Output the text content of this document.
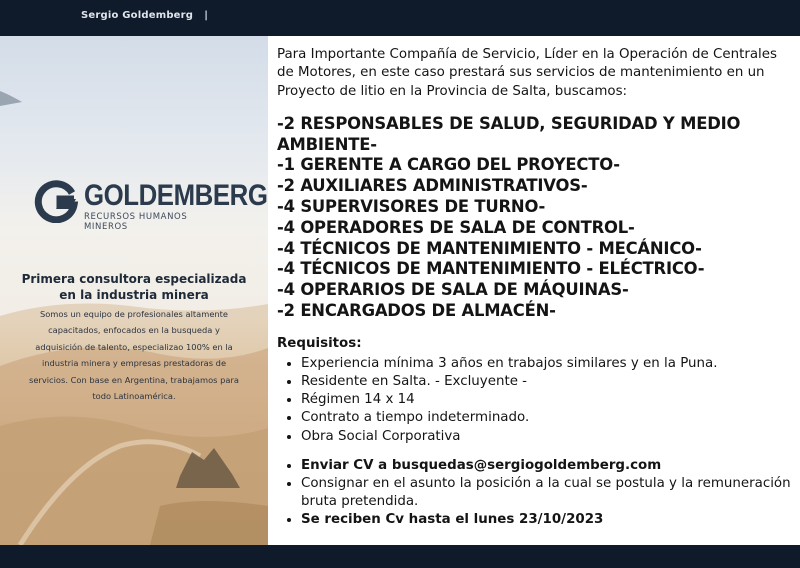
Sergio Goldemberg |
GOLDEMBERG
RECURSOS HUMANOS MINEROS
Primera consultora especializada en la industria minera
Somos un equipo de profesionales altamente capacitados, enfocados en la busqueda y adquisición de talento, especializao 100% en la industria minera y empresas prestadoras de servicios. Con base en Argentina, trabajamos para todo Latinoamérica.

Para Importante Compañía de Servicio, Líder en la Operación de Centrales de Motores, en este caso prestará sus servicios de mantenimiento en un Proyecto de litio en la Provincia de Salta, buscamos:

-2 RESPONSABLES DE SALUD, SEGURIDAD Y MEDIO AMBIENTE-
-1 GERENTE A CARGO DEL PROYECTO-
-2 AUXILIARES ADMINISTRATIVOS-
-4 SUPERVISORES DE TURNO-
-4 OPERADORES DE SALA DE CONTROL-
-4 TÉCNICOS DE MANTENIMIENTO - MECÁNICO-
-4 TÉCNICOS DE MANTENIMIENTO - ELÉCTRICO-
-4 OPERARIOS DE SALA DE MÁQUINAS-
-2 ENCARGADOS DE ALMACÉN-
Requisitos:
• Experiencia mínima 3 años en trabajos similares y en la Puna.
• Residente en Salta. - Excluyente -
• Régimen 14 x 14
• Contrato a tiempo indeterminado.
• Obra Social Corporativa
• Enviar CV a busquedas@sergiogoldemberg.com
• Consignar en el asunto la posición a la cual se postula y la remuneración bruta pretendida.
• Se reciben Cv hasta el lunes 23/10/2023
